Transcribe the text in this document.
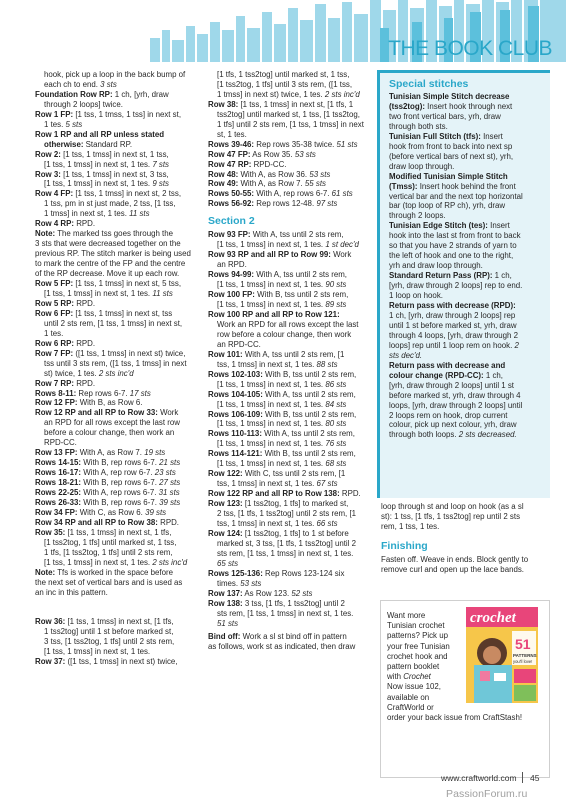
THE BOOK CLUB
hook, pick up a loop in the back bump of
each ch to end. 3 sts
Foundation Row RP: 1 ch, [yrh, draw
through 2 loops] twice.
Row 1 FP: [1 tss, 1 tmss, 1 tss] in next st,
1 tes. 5 sts
Row 1 RP and all RP unless stated
otherwise: Standard RP.
Row 2: [1 tss, 1 tmss] in next st, 1 tss,
[1 tss, 1 tmss] in next st, 1 tes. 7 sts
Row 3: [1 tss, 1 tmss] in next st, 3 tss,
[1 tss, 1 tmss] in next st, 1 tes. 9 sts
Row 4 FP: [1 tss, 1 tmss] in next st, 2 tss,
1 tss, pm in st just made, 2 tss, [1 tss,
1 tmss] in next st, 1 tes. 11 sts
Row 4 RP: RPD.
Note: The marked tss goes through the
3 sts that were decreased together on the
previous RP. The stitch marker is being used
to mark the centre of the FP and the centre
of the RP decrease. Move it up each row.
Row 5 FP: [1 tss, 1 tmss] in next st, 5 tss,
[1 tss, 1 tmss] in next st, 1 tes. 11 sts
Row 5 RP: RPD.
Row 6 FP: [1 tss, 1 tmss] in next st, tss
until 2 sts rem, [1 tss, 1 tmss] in next st,
1 tes.
Row 6 RP: RPD.
Row 7 FP: ([1 tss, 1 tmss] in next st) twice,
tss until 3 sts rem, ([1 tss, 1 tmss] in next
st) twice, 1 tes. 2 sts inc'd
Row 7 RP: RPD.
Rows 8-11: Rep rows 6-7. 17 sts
Row 12 FP: With B, as Row 6.
Row 12 RP and all RP to Row 33: Work
an RPD for all rows except the last row
before a colour change, then work an
RPD-CC.
Row 13 FP: With A, as Row 7. 19 sts
Rows 14-15: With B, rep rows 6-7. 21 sts
Rows 16-17: With A, rep row 6-7. 23 sts
Rows 18-21: With B, rep rows 6-7. 27 sts
Rows 22-25: With A, rep rows 6-7. 31 sts
Rows 26-33: With B, rep rows 6-7. 39 sts
Row 34 FP: With C, as Row 6. 39 sts
Row 34 RP and all RP to Row 38: RPD.
Row 35: [1 tss, 1 tmss] in next st, 1 tfs,
[1 tss2tog, 1 tfs] until marked st, 1 tss,
1 tfs, [1 tss2tog, 1 tfs] until 2 sts rem,
[1 tss, 1 tmss] in next st, 1 tes. 2 sts inc'd
Note: Tfs is worked in the space before
the next set of vertical bars and is used as
an inc in this pattern.

Row 36: [1 tss, 1 tmss] in next st, [1 tfs,
1 tss2tog] until 1 st before marked st,
3 tss, [1 tss2tog, 1 tfs] until 2 sts rem,
[1 tss, 1 tmss] in next st, 1 tes.
Row 37: ([1 tss, 1 tmss] in next st) twice,
[1 tfs, 1 tss2tog] until marked st, 1 tss,
[1 tss2tog, 1 tfs] until 3 sts rem, ([1 tss,
1 tmss] in next st) twice, 1 tes. 2 sts inc'd
Row 38: [1 tss, 1 tmss] in next st, [1 tfs, 1
tss2tog] until marked st, 1 tss, [1 tss2tog,
1 tfs] until 2 sts rem, [1 tss, 1 tmss] in next
st, 1 tes.
Rows 39-46: Rep rows 35-38 twice. 51 sts
Row 47 FP: As Row 35. 53 sts
Row 47 RP: RPD-CC.
Row 48: With A, as Row 36. 53 sts
Row 49: With A, as Row 7. 55 sts
Rows 50-55: With A, rep rows 6-7. 61 sts
Rows 56-92: Rep rows 12-48. 97 sts
Section 2
Row 93 FP: With A, tss until 2 sts rem,
[1 tss, 1 tmss] in next st, 1 tes. 1 st dec'd
Row 93 RP and all RP to Row 99: Work
an RPD.
Rows 94-99: With A, tss until 2 sts rem,
[1 tss, 1 tmss] in next st, 1 tes. 90 sts
Row 100 FP: With B, tss until 2 sts rem,
[1 tss, 1 tmss] in next st, 1 tes. 89 sts
Row 100 RP and all RP to Row 121:
Work an RPD for all rows except the last
row before a colour change, then work
an RPD-CC.
Row 101: With A, tss until 2 sts rem, [1
tss, 1 tmss] in next st, 1 tes. 88 sts
Rows 102-103: With B, tss until 2 sts rem,
[1 tss, 1 tmss] in next st, 1 tes. 86 sts
Rows 104-105: With A, tss until 2 sts rem,
[1 tss, 1 tmss] in next st, 1 tes. 84 sts
Rows 106-109: With B, tss until 2 sts rem,
[1 tss, 1 tmss] in next st, 1 tes. 80 sts
Rows 110-113: With A, tss until 2 sts rem,
[1 tss, 1 tmss] in next st, 1 tes. 76 sts
Rows 114-121: With B, tss until 2 sts rem,
[1 tss, 1 tmss] in next st, 1 tes. 68 sts
Row 122: With C, tss until 2 sts rem, [1
tss, 1 tmss] in next st, 1 tes. 67 sts
Row 122 RP and all RP to Row 138: RPD.
Row 123: [1 tss2tog, 1 tfs] to marked st,
2 tss, [1 tfs, 1 tss2tog] until 2 sts rem, [1
tss, 1 tmss] in next st, 1 tes. 66 sts
Row 124: [1 tss2tog, 1 tfs] to 1 st before
marked st, 3 tss, [1 tfs, 1 tss2tog] until 2
sts rem, [1 tss, 1 tmss] in next st, 1 tes.
65 sts
Rows 125-136: Rep Rows 123-124 six
times. 53 sts
Row 137: As Row 123. 52 sts
Row 138: 3 tss, [1 tfs, 1 tss2tog] until 2
sts rem, [1 tss, 1 tmss] in next st, 1 tes.
51 sts
Bind off: Work a sl st bind off in pattern
as follows, work st as indicated, then draw
Special stitches
Tunisian Simple Stitch decrease
(tss2tog): Insert hook through next
two front vertical bars, yrh, draw
through both sts.
Tunisian Full Stitch (tfs): Insert
hook from front to back into next sp
(before vertical bars of next st), yrh,
draw loop through.
Modified Tunisian Simple Stitch
(Tmss): Insert hook behind the front
vertical bar and the next top horizontal
bar (top loop of RP ch), yrh, draw
through 2 loops.
Tunisian Edge Stitch (tes): Insert
hook into the last st from front to back
so that you have 2 strands of yarn to
the left of hook and one to the right,
yrh and draw loop through.
Standard Return Pass (RP): 1 ch,
[yrh, draw through 2 loops] rep to end.
1 loop on hook.
Return pass with decrease (RPD):
1 ch, [yrh, draw through 2 loops] rep
until 1 st before marked st, yrh, draw
through 4 loops, [yrh, draw through 2
loops] rep until 1 loop rem on hook. 2
sts dec'd.
Return pass with decrease and
colour change (RPD-CC): 1 ch,
[yrh, draw through 2 loops] until 1 st
before marked st, yrh, draw through 4
loops, [yrh, draw through 2 loops] until
2 loops rem on hook, drop current
colour, pick up next colour, yrh, draw
through both loops. 2 sts decreased.
loop through st and loop on hook (as a sl
st): 1 tss, [1 tfs, 1 tss2tog] rep until 2 sts
rem, 1 tss, 1 tes.
Finishing
Fasten off. Weave in ends. Block gently to
remove curl and open up the lace bands.
Want more
Tunisian crochet
patterns? Pick up
your free Tunisian
crochet hook and
pattern booklet
with Crochet
Now issue 102,
available on
CraftWorld or
order your back issue from CraftStash!
crochet
51
PATTERNS
you'll love!
www.craftworld.com 45
PassionForum.ru
